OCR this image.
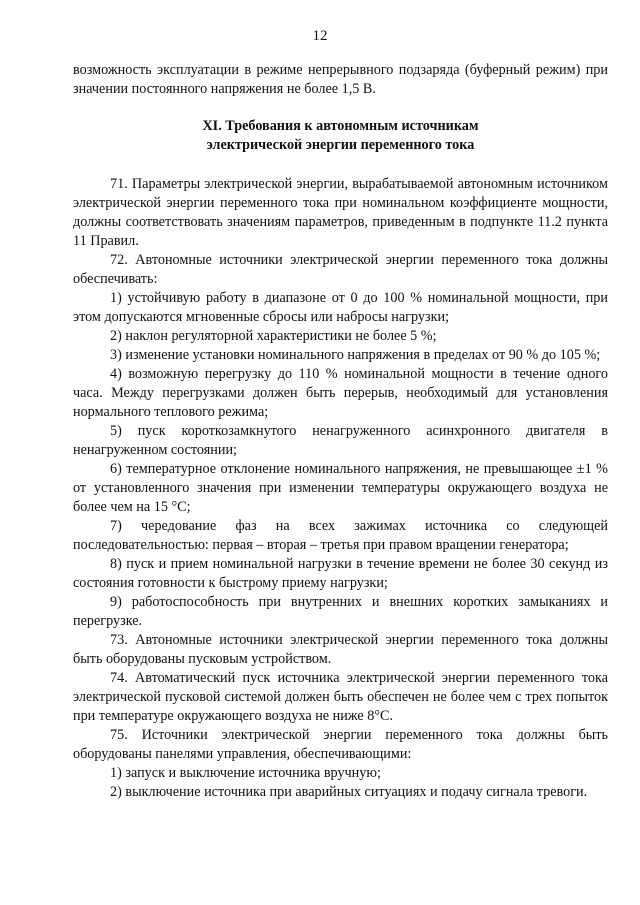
12

возможность эксплуатации в режиме непрерывного подзаряда (буферный режим) при значении постоянного напряжения не более 1,5 В.

XI. Требования к автономным источникам
электрической энергии переменного тока

71. Параметры электрической энергии, вырабатываемой автономным источником электрической энергии переменного тока при номинальном коэффициенте мощности, должны соответствовать значениям параметров, приведенным в подпункте 11.2 пункта 11 Правил.

72. Автономные источники электрической энергии переменного тока должны обеспечивать:

1) устойчивую работу в диапазоне от 0 до 100 % номинальной мощности, при этом допускаются мгновенные сбросы или набросы нагрузки;

2) наклон регуляторной характеристики не более 5 %;

3) изменение установки номинального напряжения в пределах от 90 % до 105 %;

4) возможную перегрузку до 110 % номинальной мощности в течение одного часа. Между перегрузками должен быть перерыв, необходимый для установления нормального теплового режима;

5) пуск короткозамкнутого ненагруженного асинхронного двигателя в ненагруженном состоянии;

6) температурное отклонение номинального напряжения, не превышающее ±1 % от установленного значения при изменении температуры окружающего воздуха не более чем на 15 °С;

7) чередование фаз на всех зажимах источника со следующей последовательностью: первая – вторая – третья при правом вращении генератора;

8) пуск и прием номинальной нагрузки в течение времени не более 30 секунд из состояния готовности к быстрому приему нагрузки;

9) работоспособность при внутренних и внешних коротких замыканиях и перегрузке.

73. Автономные источники электрической энергии переменного тока должны быть оборудованы пусковым устройством.

74. Автоматический пуск источника электрической энергии переменного тока электрической пусковой системой должен быть обеспечен не более чем с трех попыток при температуре окружающего воздуха не ниже 8°С.

75. Источники электрической энергии переменного тока должны быть оборудованы панелями управления, обеспечивающими:

1) запуск и выключение источника вручную;

2) выключение источника при аварийных ситуациях и подачу сигнала тревоги.
